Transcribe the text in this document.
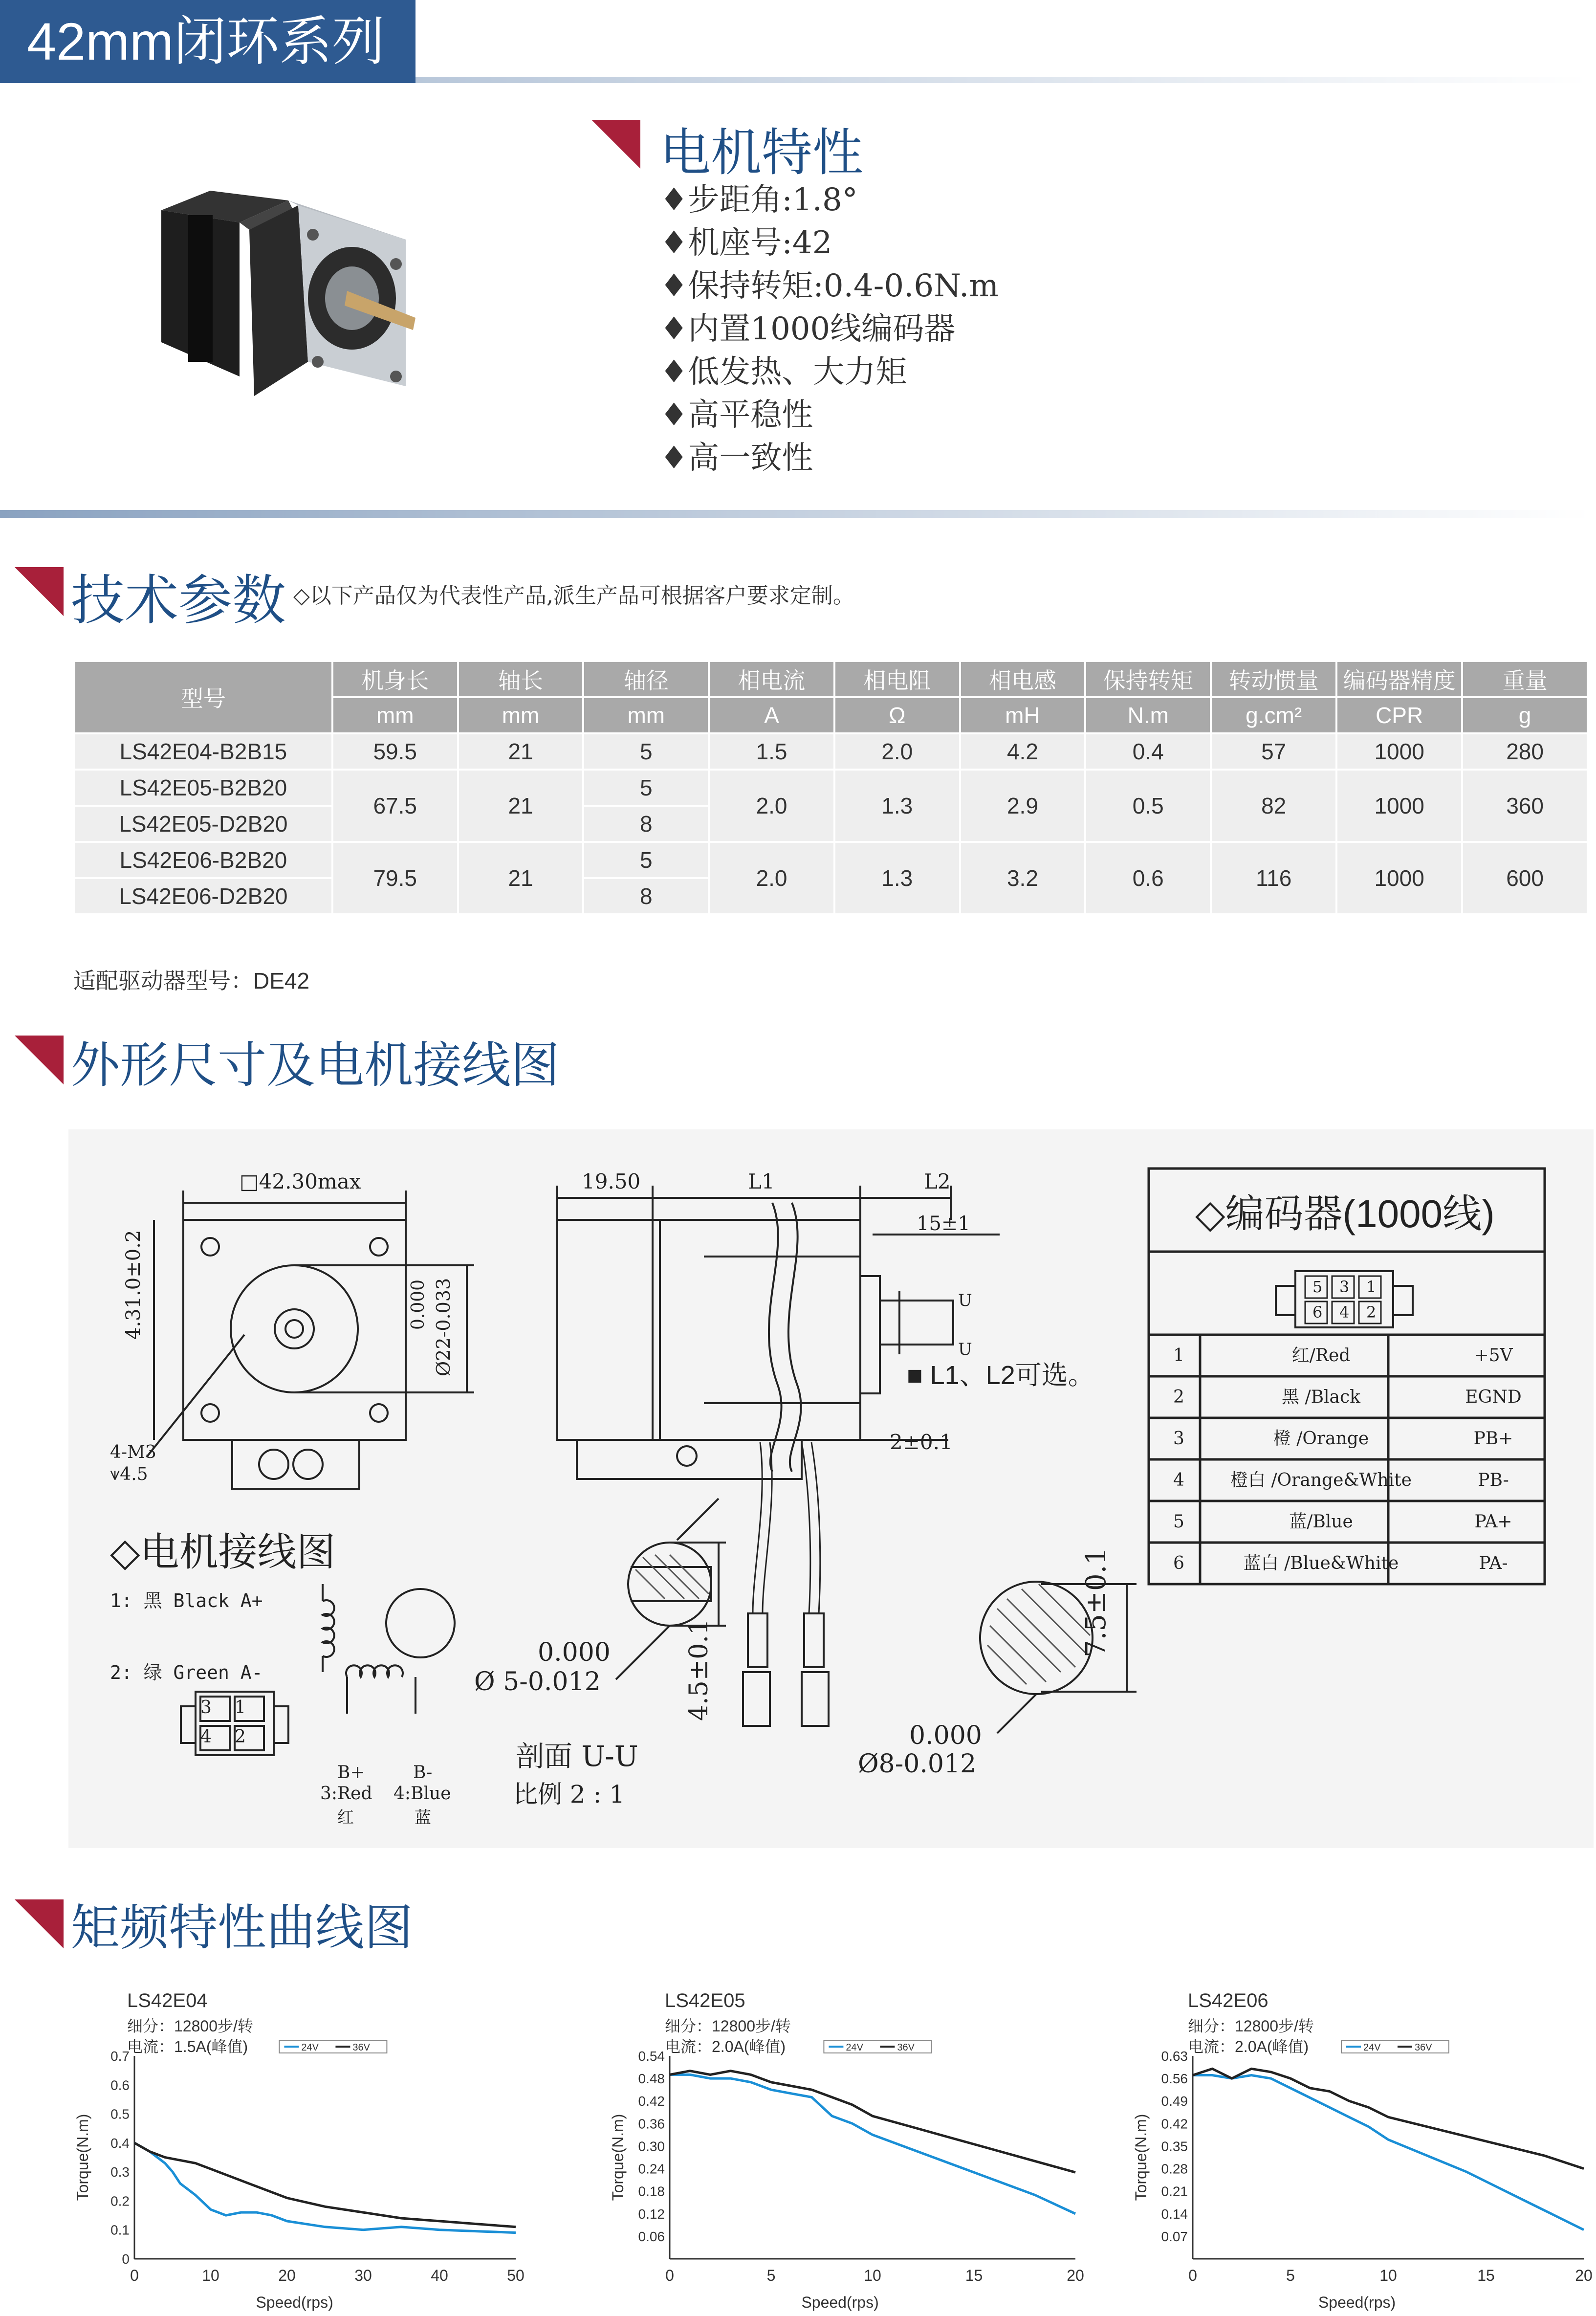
42mm闭环系列
电机特性
♦步距角:1.8°
♦机座号:42
♦保持转矩:0.4-0.6N.m
♦内置1000线编码器
♦低发热、大力矩
♦高平稳性
♦高一致性
技术参数 ◇以下产品仅为代表性产品,派生产品可根据客户要求定制。
型号	机身长	轴长	轴径	相电流	相电阻	相电感	保持转矩	转动惯量	编码器精度	重量
	mm	mm	mm	A	Ω	mH	N.m	g.cm²	CPR	g
LS42E04-B2B15	59.5	21	5	1.5	2.0	4.2	0.4	57	1000	280
LS42E05-B2B20	67.5	21	5	2.0	1.3	2.9	0.5	82	1000	360
LS42E05-D2B20			8							
LS42E06-B2B20	79.5	21	5	2.0	1.3	3.2	0.6	116	1000	600
LS42E06-D2B20			8							
适配驱动器型号：DE42
外形尺寸及电机接线图
□42.30max
4.31.0±0.2	0.000 Ø22-0.033
4-M3
⩛4.5
19.50	L1	L2
15±1
U
U
■ L1、L2可选。
2±0.1
0.000
Ø 5-0.012	4.5±0.1
剖面 U-U
比例 2 : 1
0.000
Ø8-0.012
7.5±0.1
◇电机接线图
1: 黑 Black A+
2: 绿 Green A-
B+	B-
3:Red 4:Blue
红	蓝
3 1
4 2
◇编码器(1000线)
5 3 1
6 4 2
1	红/Red	+5V
2	黑 /Black	EGND
3	橙 /Orange	PB+
4	橙白 /Orange&White	PB-
5	蓝/Blue	PA+
6	蓝白 /Blue&White	PA-
矩频特性曲线图
LS42E04
细分：12800步/转
电流：1.5A(峰值)	24V	36V
0
0.1
0.2
0.3
0.4
0.5
0.6
0.7
0	10	20	30	40	50
Speed(rps)
Torque(N.m)
LS42E05
细分：12800步/转
电流：2.0A(峰值)	24V	36V
0.06
0.12
0.18
0.24
0.30
0.36
0.42
0.48
0.54
0	5	10	15	20
Speed(rps)
Torque(N.m)
LS42E06
细分：12800步/转
电流：2.0A(峰值)	24V	36V
0.07
0.14
0.21
0.28
0.35
0.42
0.49
0.56
0.63
0	5	10	15	20
Speed(rps)
Torque(N.m)
